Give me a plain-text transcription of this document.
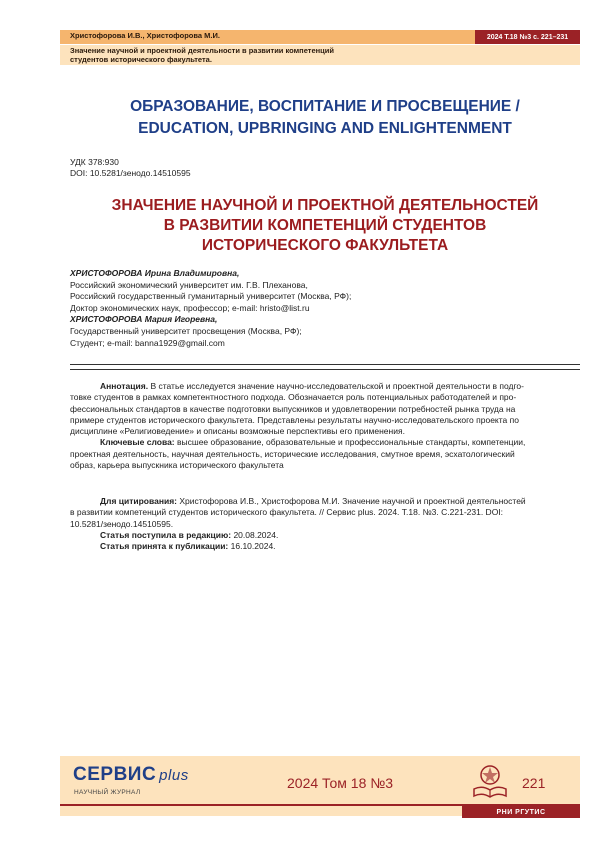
Христофорова И.В., Христофорова М.И.	2024 Т.18 №3 с. 221–231
Значение научной и проектной деятельности в развитии компетенций
студентов исторического факультета.
ОБРАЗОВАНИЕ, ВОСПИТАНИЕ И ПРОСВЕЩЕНИЕ /
EDUCATION, UPBRINGING AND ENLIGHTENMENT
УДК 378:930
DOI: 10.5281/зенодо.14510595
ЗНАЧЕНИЕ НАУЧНОЙ И ПРОЕКТНОЙ ДЕЯТЕЛЬНОСТЕЙ
В РАЗВИТИИ КОМПЕТЕНЦИЙ СТУДЕНТОВ
ИСТОРИЧЕСКОГО ФАКУЛЬТЕТА
ХРИСТОФОРОВА Ирина Владимировна,
Российский экономический университет им. Г.В. Плеханова,
Российский государственный гуманитарный университет (Москва, РФ);
Доктор экономических наук, профессор; e-mail: hristo@list.ru
ХРИСТОФОРОВА Мария Игоревна,
Государственный университет просвещения (Москва, РФ);
Студент; e-mail: banna1929@gmail.com

Аннотация. В статье исследуется значение научно-исследовательской и проектной деятельности в подго-

товке студентов в рамках компетентностного подхода. Обозначается роль потенциальных работодателей и про-
фессиональных стандартов в качестве подготовки выпускников и удовлетворении потребностей рынка труда на
примере студентов исторического факультета. Представлены результаты научно-исследовательского проекта по
дисциплине «Религиоведение» и описаны возможные перспективы его применения.

Ключевые слова: высшее образование, образовательные и профессиональные стандарты, компетенции,

проектная деятельность, научная деятельность, исторические исследования, смутное время, эсхатологический
образ, карьера выпускника исторического факультета
Для цитирования: Христофорова И.В., Христофорова М.И. Значение научной и проектной деятельностей
в развитии компетенций студентов исторического факультета. // Сервис plus. 2024. Т.18. №3. С.221-231. DOI:
10.5281/зенодо.14510595.
Статья поступила в редакцию: 20.08.2024.
Статья принята к публикации: 16.10.2024.
СЕРВИС plus
НАУЧНЫЙ ЖУРНАЛ
2024 Том 18 №3	221
РНИ РГУТИС
